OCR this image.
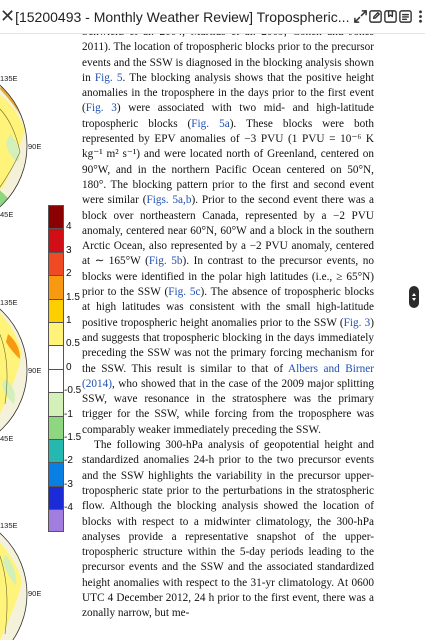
✕ [15200493 - Monthly Weather Review] Tropospheric...
135E
90E
45E
135E
90E
45E
135E
90E
4
3
2
1.5
1
0.5
0
-0.5
-1
-1.5
-2
-3
-4

2011). The location of tropospheric blocks prior to the precursor events and the SSW is diagnosed in the blocking analysis shown in Fig. 5. The blocking analysis shows that the positive height anomalies in the troposphere in the days prior to the first event (Fig. 3) were associated with two mid- and high-latitude tropospheric blocks (Fig. 5a). These blocks were both represented by EPV anomalies of −3 PVU (1 PVU = 10⁻⁶ K kg⁻¹ m² s⁻¹) and were located north of Greenland, centered on 90°W, and in the northern Pacific Ocean centered on 50°N, 180°. The blocking pattern prior to the first and second event were similar (Figs. 5a,b). Prior to the second event there was a block over northeastern Canada, represented by a −2 PVU anomaly, centered near 60°N, 60°W and a block in the southern Arctic Ocean, also represented by a −2 PVU anomaly, centered at ∼ 165°W (Fig. 5b). In contrast to the precursor events, no blocks were identified in the polar high latitudes (i.e., ≥ 65°N) prior to the SSW (Fig. 5c). The absence of tropospheric blocks at high latitudes was consistent with the small high-latitude positive tropospheric height anomalies prior to the SSW (Fig. 3) and suggests that tropospheric blocking in the days immediately preceding the SSW was not the primary forcing mechanism for the SSW. This result is similar to that of Albers and Birner (2014), who showed that in the case of the 2009 major splitting SSW, wave resonance in the stratosphere was the primary trigger for the SSW, while forcing from the troposphere was comparably weaker immediately preceding the SSW.

The following 300-hPa analysis of geopotential height and standardized anomalies 24-h prior to the two precursor events and the SSW highlights the variability in the precursor upper-tropospheric state prior to the perturbations in the stratospheric flow. Although the blocking analysis showed the location of blocks with respect to a midwinter climatology, the 300-hPa analyses provide a representative snapshot of the upper-tropospheric structure within the 5-day periods leading to the precursor events and the SSW and the associated standardized height anomalies with respect to the 31-yr climatology. At 0600 UTC 4 December 2012, 24 h prior to the first event, there was a zonally narrow, but me-
